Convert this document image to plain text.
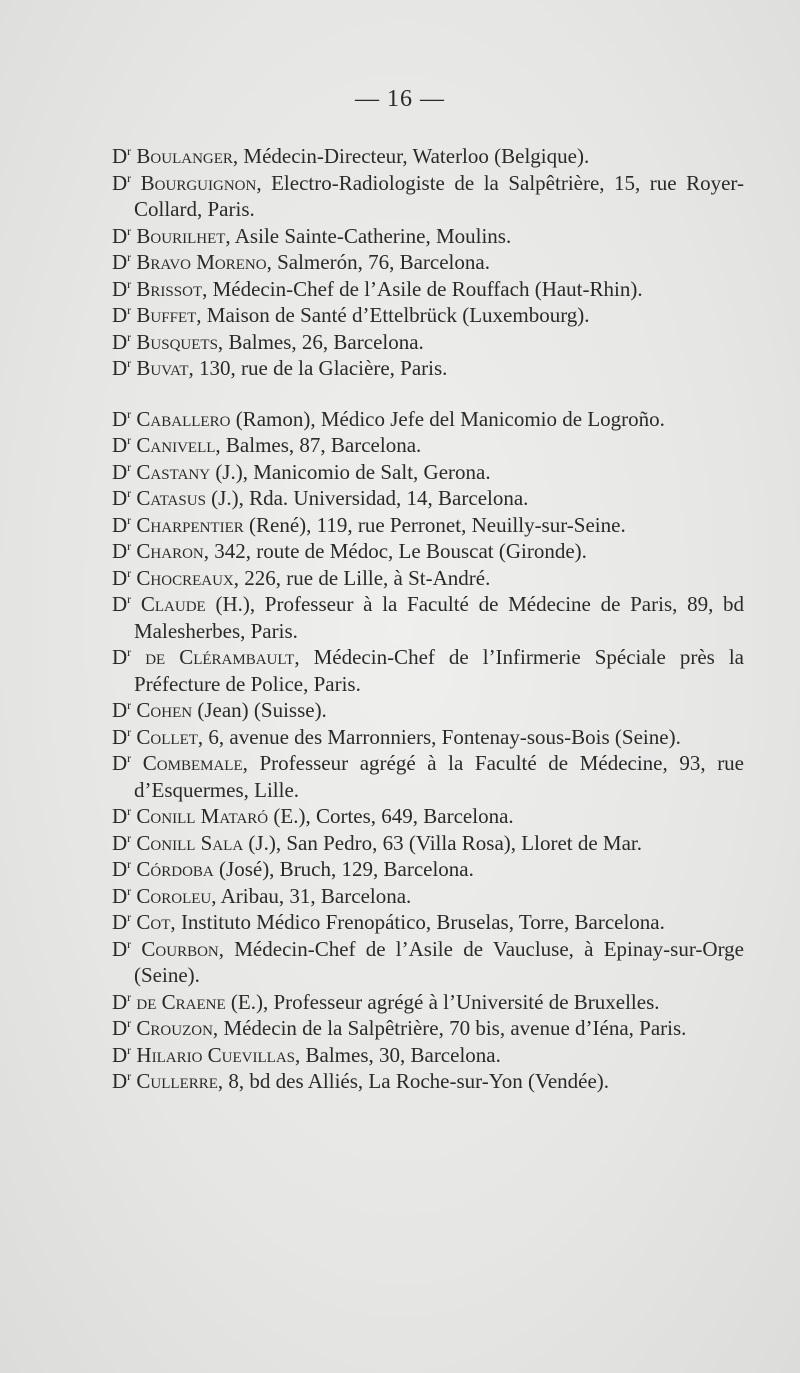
— 16 —
$D^r$ Boulanger, Médecin-Directeur, Waterloo (Belgique).
$D^r$ Bourguignon, Electro-Radiologiste de la Salpêtrière, 15, rue Royer-Collard, Paris.
$D^r$ Bourilhet, Asile Sainte-Catherine, Moulins.
$D^r$ Bravo Moreno, Salmerón, 76, Barcelona.
$D^r$ Brissot, Médecin-Chef de l’Asile de Rouffach (Haut-Rhin).
$D^r$ Buffet, Maison de Santé d’Ettelbrück (Luxembourg).
$D^r$ Busquets, Balmes, 26, Barcelona.
$D^r$ Buvat, 130, rue de la Glacière, Paris.
$D^r$ Caballero (Ramon), Médico Jefe del Manicomio de Logroño.
$D^r$ Canivell, Balmes, 87, Barcelona.
$D^r$ Castany (J.), Manicomio de Salt, Gerona.
$D^r$ Catasus (J.), Rda. Universidad, 14, Barcelona.
$D^r$ Charpentier (René), 119, rue Perronet, Neuilly-sur-Seine.
$D^r$ Charon, 342, route de Médoc, Le Bouscat (Gironde).
$D^r$ Chocreaux, 226, rue de Lille, à St-André.
$D^r$ Claude (H.), Professeur à la Faculté de Médecine de Paris, 89, bd Malesherbes, Paris.
$D^r$ de Clérambault, Médecin-Chef de l’Infirmerie Spéciale près la Préfecture de Police, Paris.
$D^r$ Cohen (Jean) (Suisse).
$D^r$ Collet, 6, avenue des Marronniers, Fontenay-sous-Bois (Seine).
$D^r$ Combemale, Professeur agrégé à la Faculté de Médecine, 93, rue d’Esquermes, Lille.
$D^r$ Conill Mataró (E.), Cortes, 649, Barcelona.
$D^r$ Conill Sala (J.), San Pedro, 63 (Villa Rosa), Lloret de Mar.
$D^r$ Córdoba (José), Bruch, 129, Barcelona.
$D^r$ Coroleu, Aribau, 31, Barcelona.
$D^r$ Cot, Instituto Médico Frenopático, Bruselas, Torre, Barcelona.
$D^r$ Courbon, Médecin-Chef de l’Asile de Vaucluse, à Epinay-sur-Orge (Seine).
$D^r$ de Craene (E.), Professeur agrégé à l’Université de Bruxelles.
$D^r$ Crouzon, Médecin de la Salpêtrière, 70 bis, avenue d’Iéna, Paris.
$D^r$ Hilario Cuevillas, Balmes, 30, Barcelona.
$D^r$ Cullerre, 8, bd des Alliés, La Roche-sur-Yon (Vendée).
